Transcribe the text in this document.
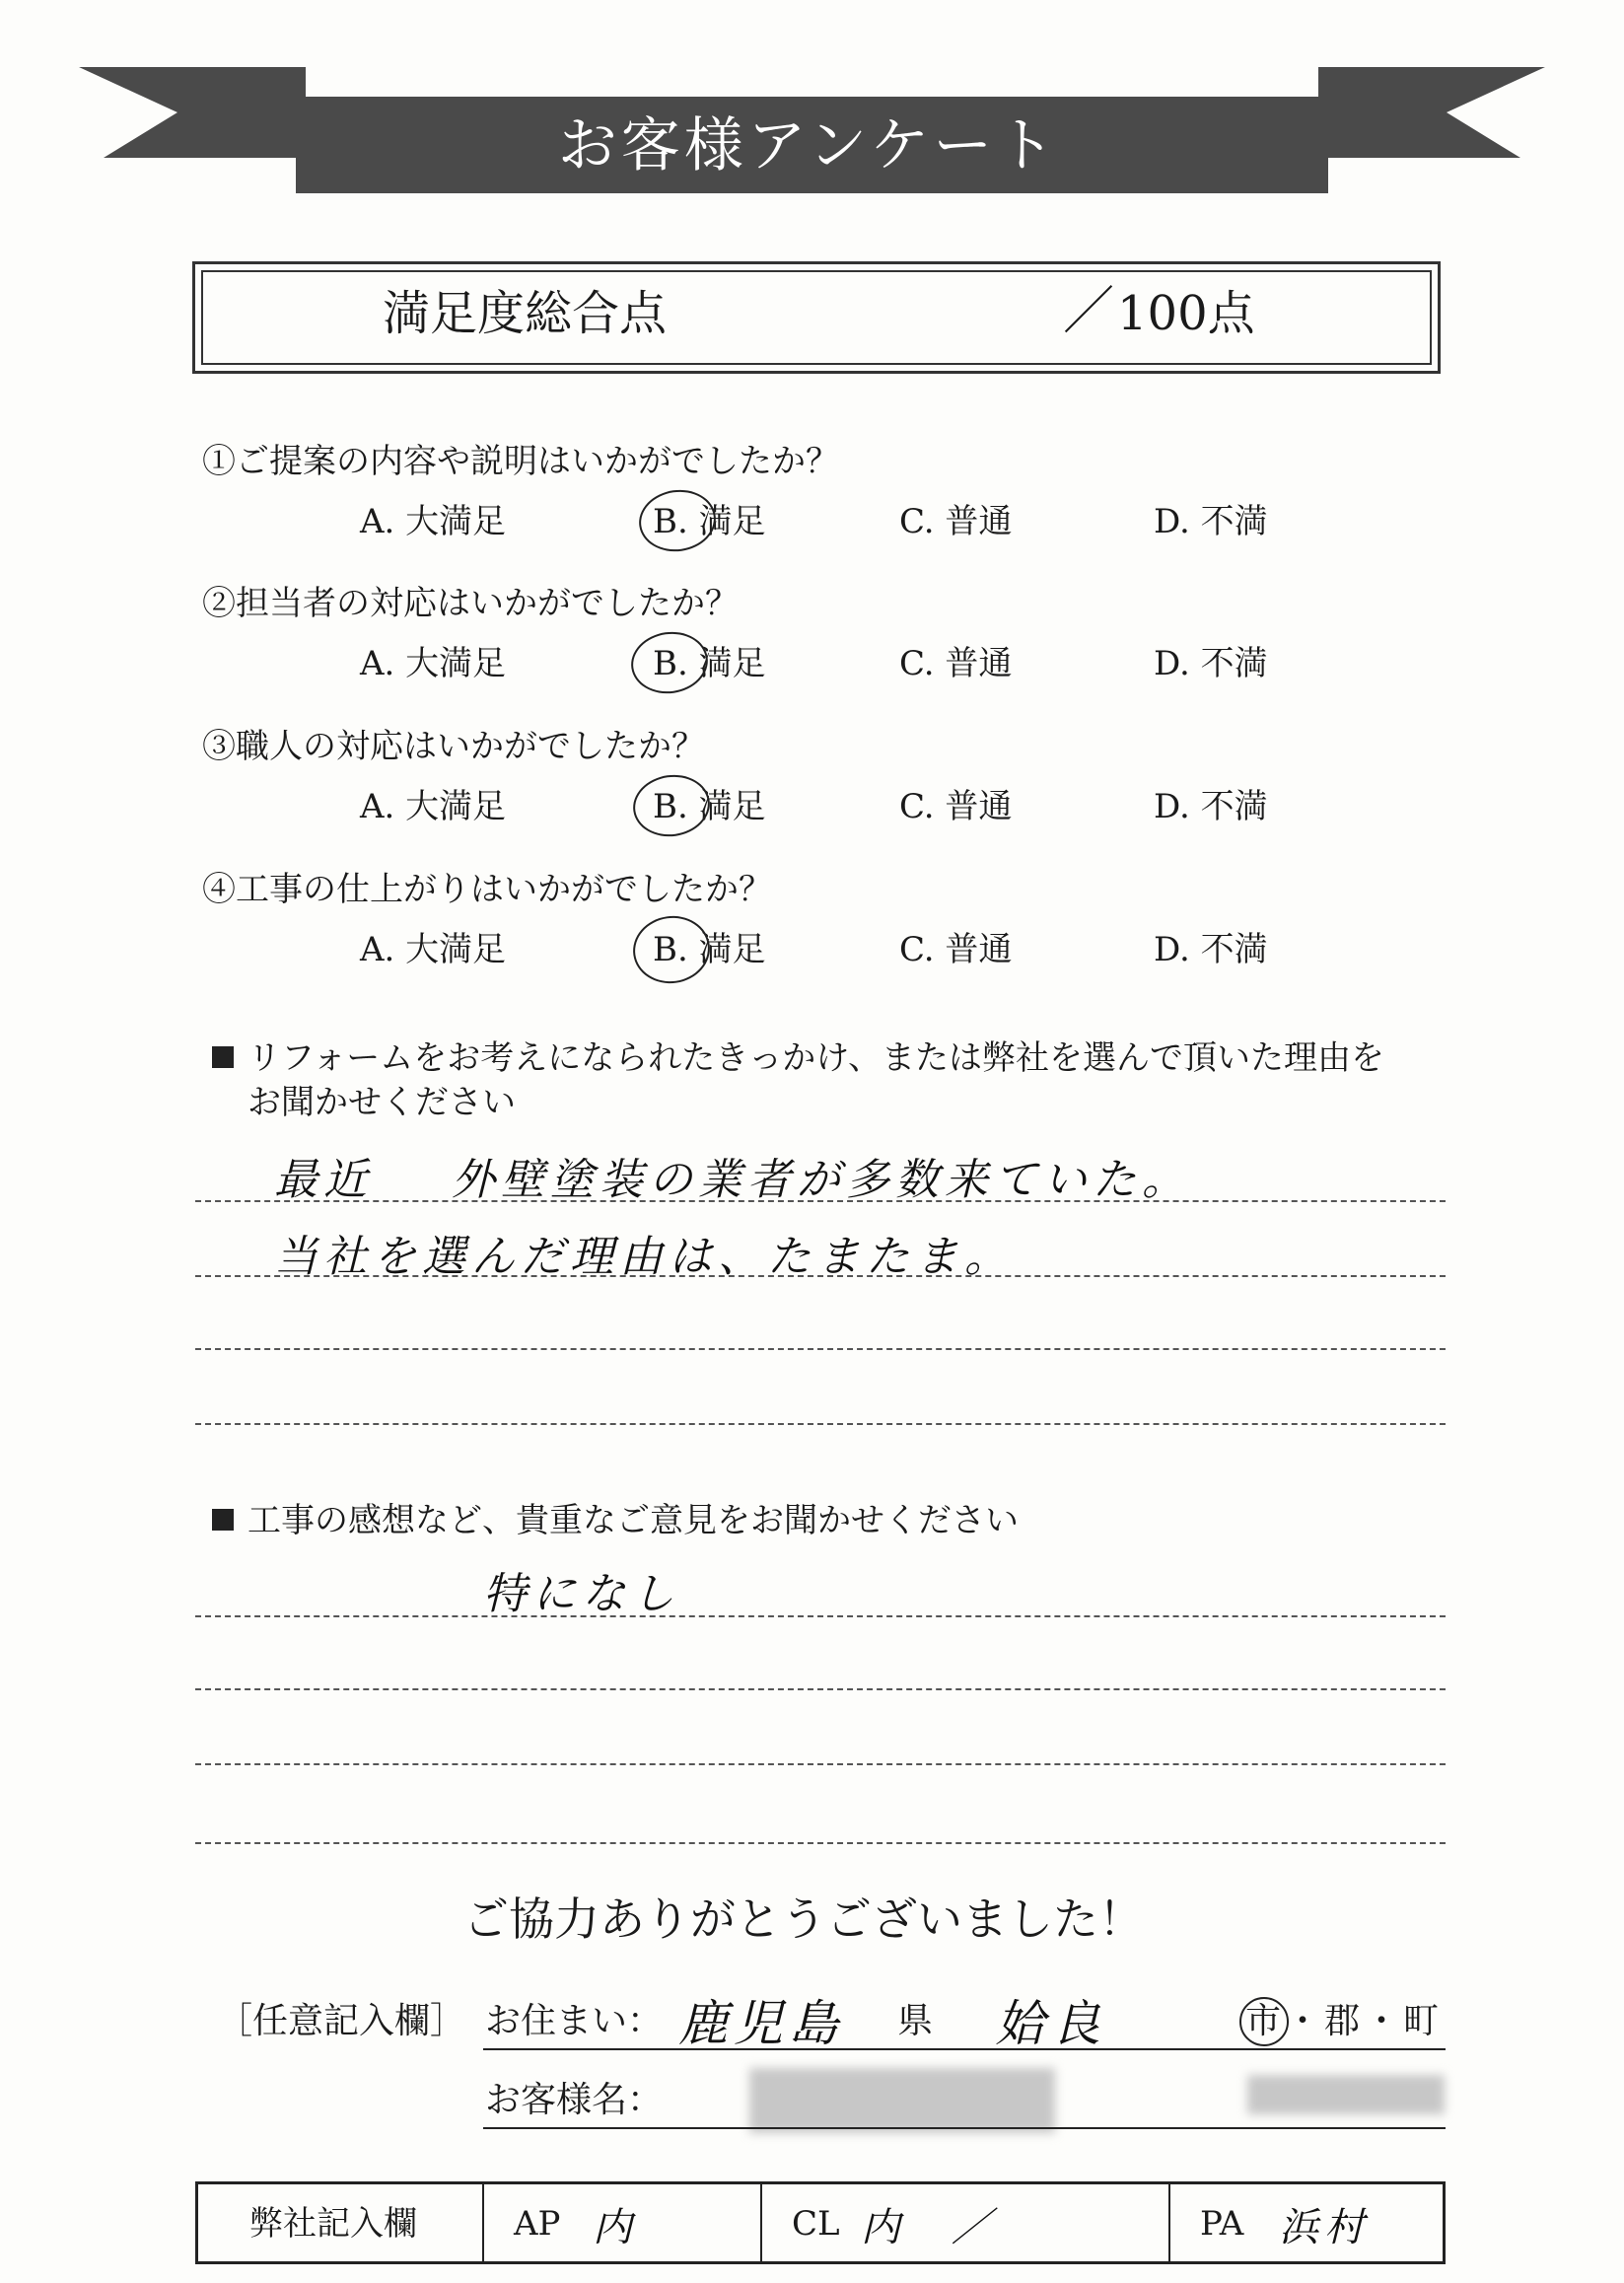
お客様アンケート
満足度総合点	／ 100点
①ご提案の内容や説明はいかがでしたか？
A. 大満足	B. 満足	C. 普通	D. 不満
②担当者の対応はいかがでしたか？
A. 大満足	B. 満足	C. 普通	D. 不満
③職人の対応はいかがでしたか？
A. 大満足	B. 満足	C. 普通	D. 不満
④工事の仕上がりはいかがでしたか？
A. 大満足	B. 満足	C. 普通	D. 不満
リフォームをお考えになられたきっかけ、または弊社を選んで頂いた理由を
お聞かせください
最近 外壁塗装の業者が多数来ていた。
当社を選んだ理由は、たまたま。
工事の感想など、貴重なご意見をお聞かせください
特になし
ご協力ありがとうございました！
［任意記入欄］ お住まい： 鹿児島 県 姶良	市 ・ 郡 ・ 町
お客様名：
弊社記入欄	AP 内	CL 内　／	PA 浜村
